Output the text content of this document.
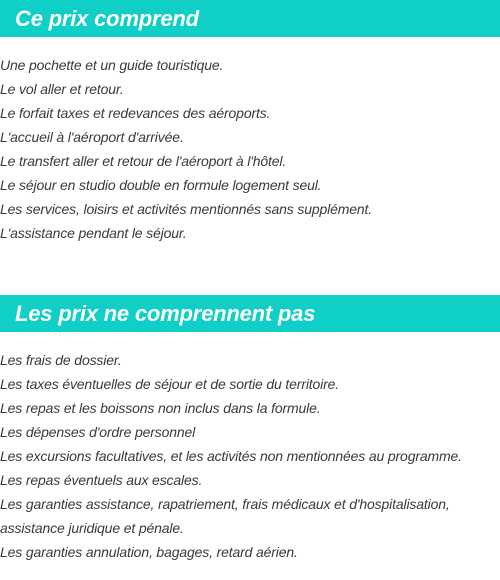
Ce prix comprend
Une pochette et un guide touristique.
Le vol aller et retour.
Le forfait taxes et redevances des aéroports.
L'accueil à l'aéroport d'arrivée.
Le transfert aller et retour de l'aéroport à l'hôtel.
Le séjour en studio double en formule logement seul.
Les services, loisirs et activités mentionnés sans supplément.
L'assistance pendant le séjour.
Les prix ne comprennent pas
Les frais de dossier.
Les taxes éventuelles de séjour et de sortie du territoire.
Les repas et les boissons non inclus dans la formule.
Les dépenses d'ordre personnel
Les excursions facultatives, et les activités non mentionnées au programme.
Les repas éventuels aux escales.
Les garanties assistance, rapatriement, frais médicaux et d'hospitalisation, assistance juridique et pénale.
Les garanties annulation, bagages, retard aérien.
